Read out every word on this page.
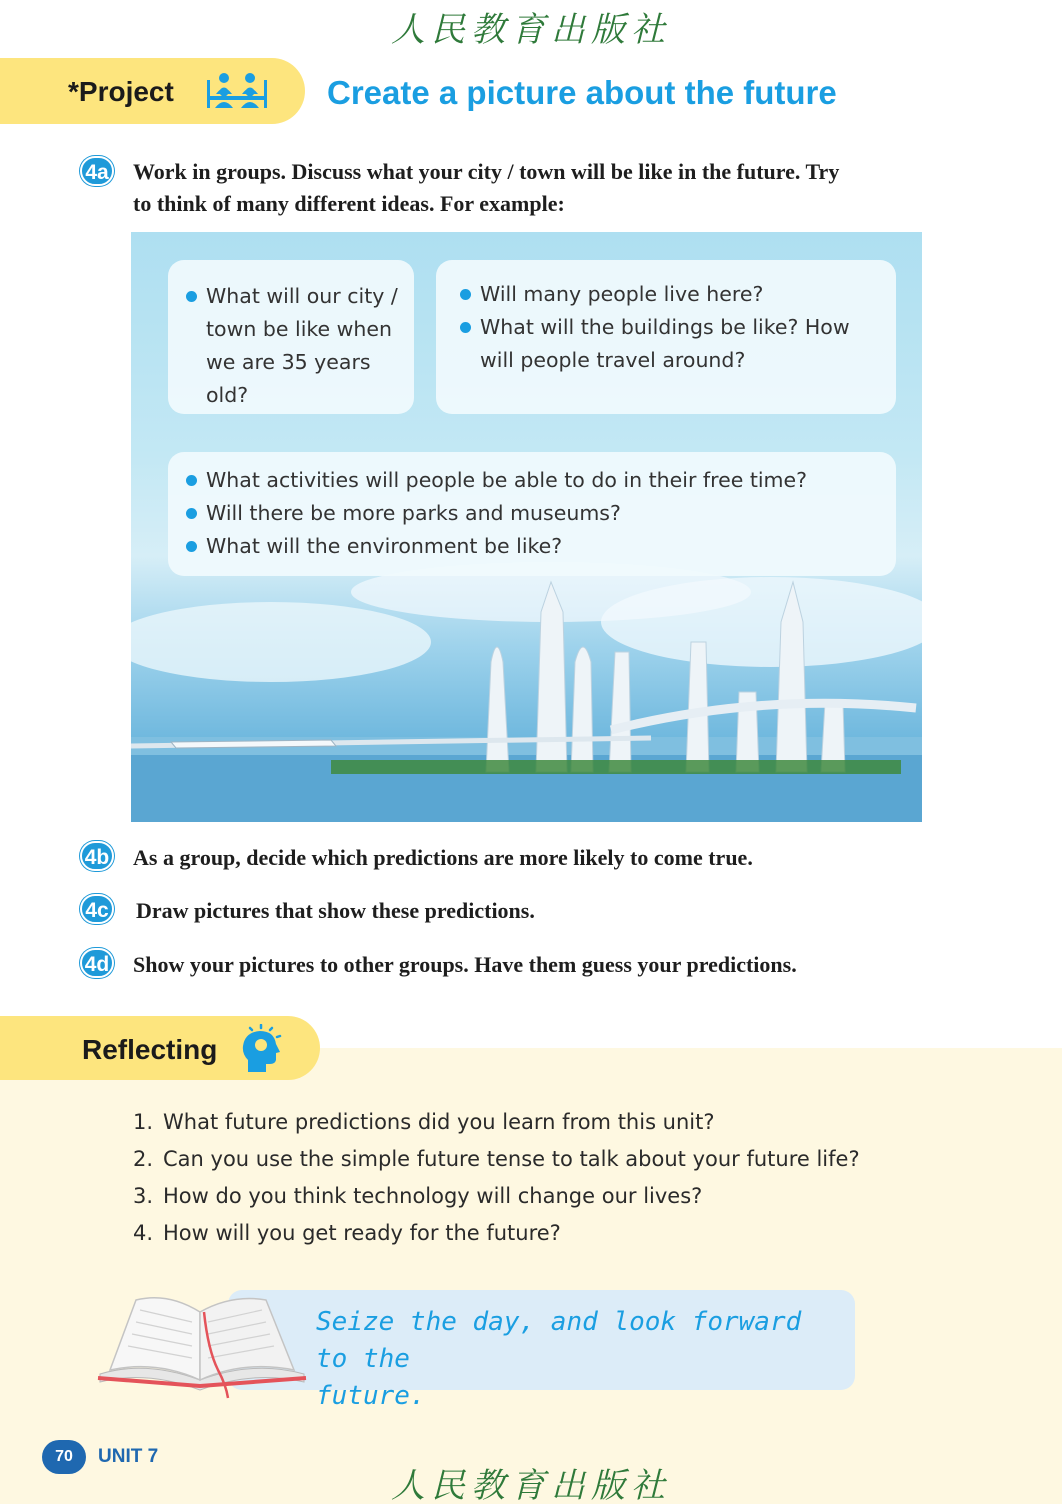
人民教育出版社
*Project	Create a picture about the future
4a Work in groups. Discuss what your city / town will be like in the future. Try
to think of many different ideas. For example:
What will our city /
town be like when
we are 35 years old?
Will many people live here?
What will the buildings be like? How
will people travel around?
What activities will people be able to do in their free time?
Will there be more parks and museums?
What will the environment be like?
4b As a group, decide which predictions are more likely to come true.
4c Draw pictures that show these predictions.
4d Show your pictures to other groups. Have them guess your predictions.
Reflecting
1. What future predictions did you learn from this unit?
2. Can you use the simple future tense to talk about your future life?
3. How do you think technology will change our lives?
4. How will you get ready for the future?
Seize the day, and look forward to the
future.
70	UNIT 7
人民教育出版社
